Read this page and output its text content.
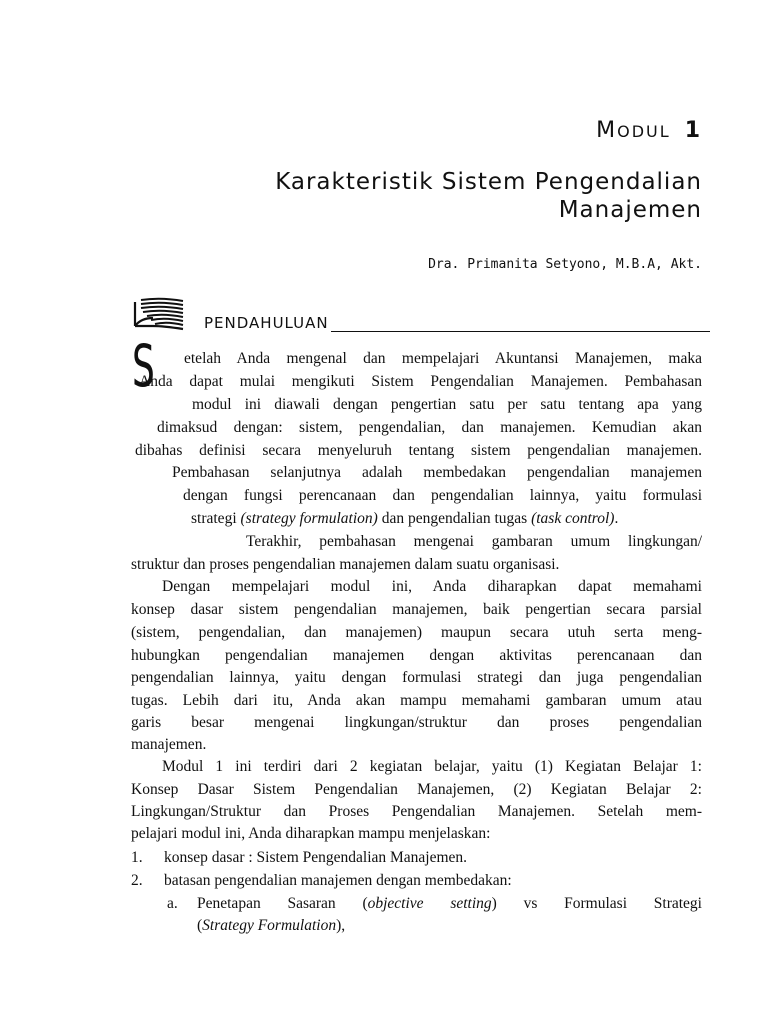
MODUL 1
Karakteristik Sistem Pengendalian
Manajemen
Dra. Primanita Setyono, M.B.A, Akt.
PENDAHULUAN
S etelah Anda mengenal dan mempelajari Akuntansi Manajemen, maka
Anda dapat mulai mengikuti Sistem Pengendalian Manajemen. Pembahasan
modul ini diawali dengan pengertian satu per satu tentang apa yang
dimaksud dengan: sistem, pengendalian, dan manajemen. Kemudian akan
dibahas definisi secara menyeluruh tentang sistem pengendalian manajemen.
Pembahasan selanjutnya adalah membedakan pengendalian manajemen
dengan fungsi perencanaan dan pengendalian lainnya, yaitu formulasi
strategi (strategy formulation) dan pengendalian tugas (task control).
Terakhir, pembahasan mengenai gambaran umum lingkungan/
struktur dan proses pengendalian manajemen dalam suatu organisasi.
Dengan mempelajari modul ini, Anda diharapkan dapat memahami
konsep dasar sistem pengendalian manajemen, baik pengertian secara parsial
(sistem, pengendalian, dan manajemen) maupun secara utuh serta meng-
hubungkan pengendalian manajemen dengan aktivitas perencanaan dan
pengendalian lainnya, yaitu dengan formulasi strategi dan juga pengendalian
tugas. Lebih dari itu, Anda akan mampu memahami gambaran umum atau
garis besar mengenai lingkungan/struktur dan proses pengendalian
manajemen.
Modul 1 ini terdiri dari 2 kegiatan belajar, yaitu (1) Kegiatan Belajar 1:
Konsep Dasar Sistem Pengendalian Manajemen, (2) Kegiatan Belajar 2:
Lingkungan/Struktur dan Proses Pengendalian Manajemen. Setelah mem-
pelajari modul ini, Anda diharapkan mampu menjelaskan:
1. konsep dasar : Sistem Pengendalian Manajemen.
2. batasan pengendalian manajemen dengan membedakan:
a. Penetapan Sasaran (objective setting) vs Formulasi Strategi
(Strategy Formulation),
